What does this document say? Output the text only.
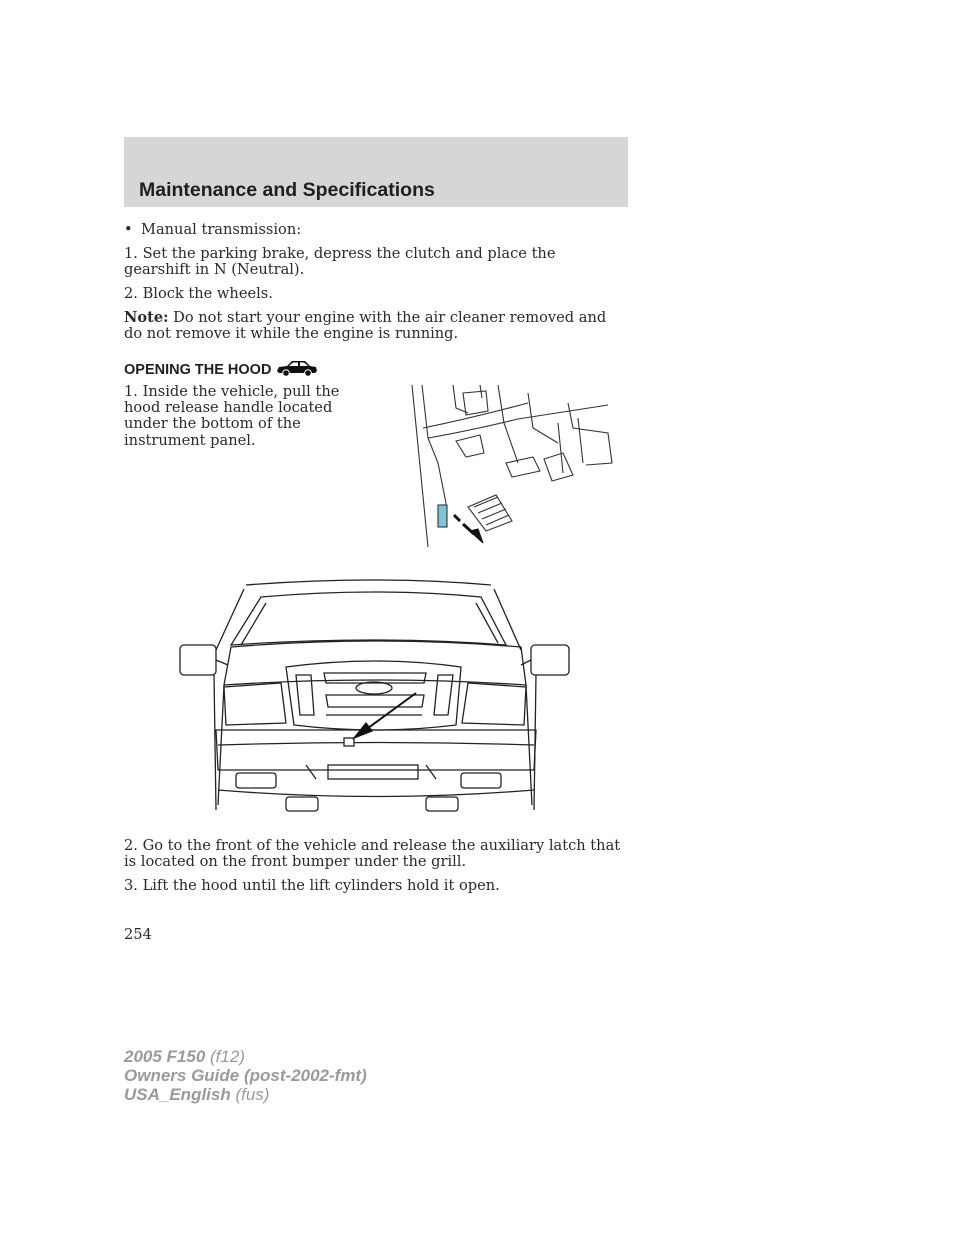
Maintenance and Specifications
• Manual transmission:
1. Set the parking brake, depress the clutch and place the gearshift in N (Neutral).
2. Block the wheels.
Note: Do not start your engine with the air cleaner removed and do not remove it while the engine is running.
OPENING THE HOOD
1. Inside the vehicle, pull the hood release handle located under the bottom of the instrument panel.
2. Go to the front of the vehicle and release the auxiliary latch that is located on the front bumper under the grill.
3. Lift the hood until the lift cylinders hold it open.
254
2005 F150 (f12)
Owners Guide (post-2002-fmt)
USA_English (fus)
